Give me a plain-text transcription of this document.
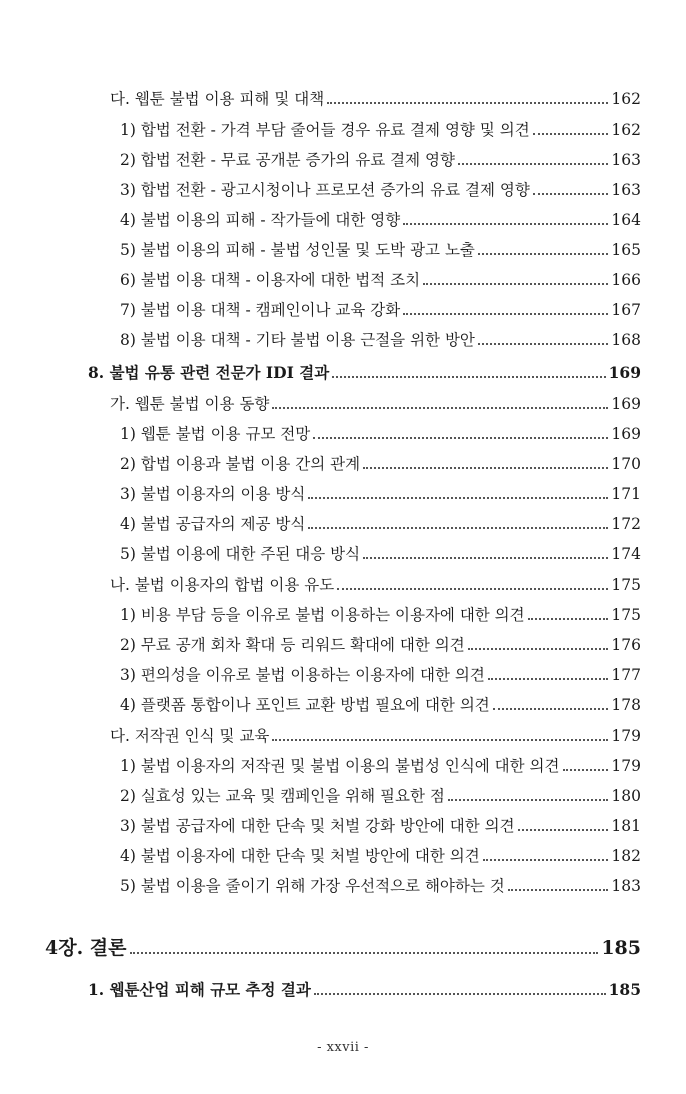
다. 웹툰 불법 이용 피해 및 대책	162
1) 합법 전환 - 가격 부담 줄어들 경우 유료 결제 영향 및 의견	162
2) 합법 전환 - 무료 공개분 증가의 유료 결제 영향	163
3) 합법 전환 - 광고시청이나 프로모션 증가의 유료 결제 영향	163
4) 불법 이용의 피해 - 작가들에 대한 영향	164
5) 불법 이용의 피해 - 불법 성인물 및 도박 광고 노출	165
6) 불법 이용 대책 - 이용자에 대한 법적 조치	166
7) 불법 이용 대책 - 캠페인이나 교육 강화	167
8) 불법 이용 대책 - 기타 불법 이용 근절을 위한 방안	168
8. 불법 유통 관련 전문가 IDI 결과	169
가. 웹툰 불법 이용 동향	169
1) 웹툰 불법 이용 규모 전망	169
2) 합법 이용과 불법 이용 간의 관계	170
3) 불법 이용자의 이용 방식	171
4) 불법 공급자의 제공 방식	172
5) 불법 이용에 대한 주된 대응 방식	174
나. 불법 이용자의 합법 이용 유도	175
1) 비용 부담 등을 이유로 불법 이용하는 이용자에 대한 의견	175
2) 무료 공개 회차 확대 등 리워드 확대에 대한 의견	176
3) 편의성을 이유로 불법 이용하는 이용자에 대한 의견	177
4) 플랫폼 통합이나 포인트 교환 방법 필요에 대한 의견	178
다. 저작권 인식 및 교육	179
1) 불법 이용자의 저작권 및 불법 이용의 불법성 인식에 대한 의견	179
2) 실효성 있는 교육 및 캠페인을 위해 필요한 점	180
3) 불법 공급자에 대한 단속 및 처벌 강화 방안에 대한 의견	181
4) 불법 이용자에 대한 단속 및 처벌 방안에 대한 의견	182
5) 불법 이용을 줄이기 위해 가장 우선적으로 해야하는 것	183
4장. 결론	185
1. 웹툰산업 피해 규모 추정 결과	185
- xxvii -
